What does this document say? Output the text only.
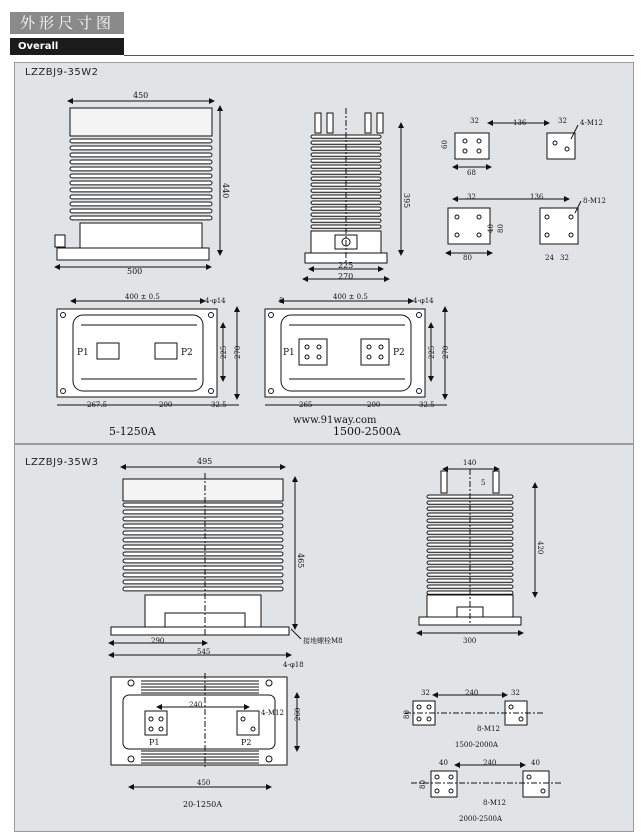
外形尺寸图
Overall
LZZBJ9-35W2
450
440
500
395
225
270
32	136	32
60
68
4-M12
32	136
40 80
80	24 32
8-M12
400 ± 0.5	4-φ14
225 270
P1	P2
267.5	200	32.5
5-1250A
5	400 ± 0.5	4-φ14
225 270
P1	P2
265	200	32.5
www.91way.com
1500-2500A
LZZBJ9-35W3	495
465
290
545
接地螺栓M8
140
5
420
300
4-φ18
240
260
4-M12
P1	P2
450
20-1250A
32	240	32
80
8-M12
1500-2000A
40	240	40
80
8-M12
2000-2500A
